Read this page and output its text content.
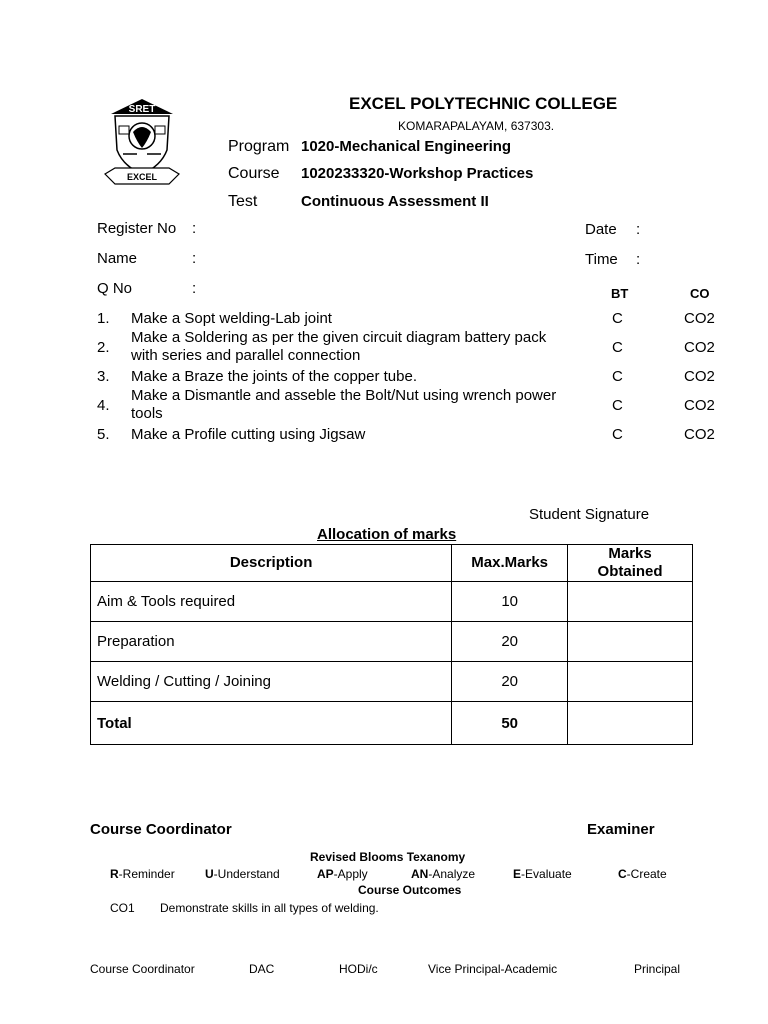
SRET
EXCEL
EXCEL POLYTECHNIC COLLEGE
KOMARAPALAYAM, 637303.
Program 1020-Mechanical Engineering
Course 1020233320-Workshop Practices
Test	Continuous Assessment II
Register No :
Name	:
Q No	:
Date :
Time :
BT	CO
1. Make a Sopt welding-Lab joint	C	CO2
2.
Make a Soldering as per the given circuit diagram battery pack with series and parallel connection	C	CO2
3. Make a Braze the joints of the copper tube.	C	CO2
4.
Make a Dismantle and asseble the Bolt/Nut using wrench power tools	C	CO2
5. Make a Profile cutting using Jigsaw	C	CO2
Student Signature
Allocation of marks
Description	Max.Marks	Marks Obtained
Aim & Tools required	10	
Preparation	20	
Welding / Cutting / Joining	20	
Total	50	
Course Coordinator	Examiner
Revised Blooms Texanomy
R-Reminder	U-Understand	AP-Apply	AN-Analyze	E-Evaluate	C-Create
Course Outcomes
CO1 Demonstrate skills in all types of welding.
Course Coordinator	DAC	HODi/c	Vice Principal-Academic	Principal
